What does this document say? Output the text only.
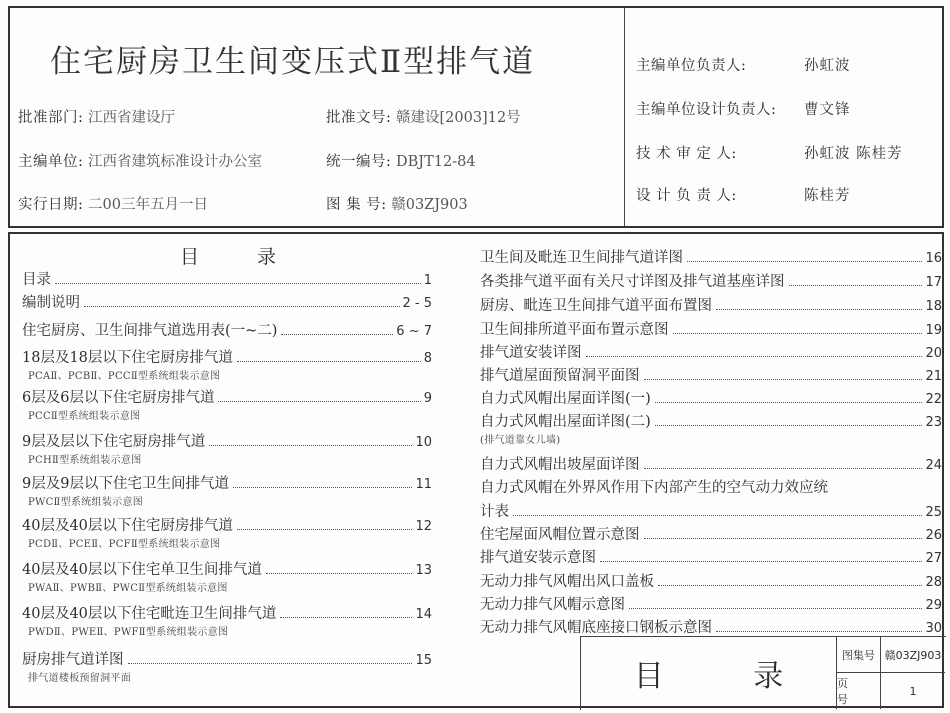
住宅厨房卫生间变压式Ⅱ型排气道
批准部门: 江西省建设厅	批准文号: 赣建设[2003]12号
主编单位: 江西省建筑标准设计办公室	统一编号: DBJT12-84
实行日期: 二00三年五月一日	图 集 号: 赣03ZJ903
主编单位负责人:	孙虹波
主编单位设计负责人: 曹文锋
技 术 审 定 人:	孙虹波 陈桂芳
设 计 负 责 人:	陈桂芳
目 录
目录	1
编制说明	2 - 5
住宅厨房、卫生间排气道选用表(一~二)	6 ~ 7
18层及18层以下住宅厨房排气道	8
PCAⅡ、PCBⅡ、PCCⅡ型系统组装示意图
6层及6层以下住宅厨房排气道	9
PCCⅡ型系统组装示意图
9层及层以下住宅厨房排气道	10
PCHⅡ型系统组装示意图
9层及9层以下住宅卫生间排气道	11
PWCⅡ型系统组装示意图
40层及40层以下住宅厨房排气道	12
PCDⅡ、PCEⅡ、PCFⅡ型系统组装示意图
40层及40层以下住宅单卫生间排气道	13
PWAⅡ、PWBⅡ、PWCⅡ型系统组装示意图
40层及40层以下住宅毗连卫生间排气道	14
PWDⅡ、PWEⅡ、PWFⅡ型系统组装示意图
厨房排气道详图	15
排气道楼板预留洞平面
卫生间及毗连卫生间排气道详图	16
各类排气道平面有关尺寸详图及排气道基座详图	17
厨房、毗连卫生间排气道平面布置图	18
卫生间排所道平面布置示意图	19
排气道安装详图	20
排气道屋面预留洞平面图	21
自力式风帽出屋面详图(一)	22
自力式风帽出屋面详图(二)	23
(排气道靠女儿墙)
自力式风帽出坡屋面详图	24
自力式风帽在外界风作用下内部产生的空气动力效应统
计表	25
住宅屋面风帽位置示意图	26
排气道安装示意图	27
无动力排气风帽出风口盖板	28
无动力排气风帽示意图	29
无动力排气风帽底座接口钢板示意图	30
目 录
图集号 赣03ZJ903
页 号
1
